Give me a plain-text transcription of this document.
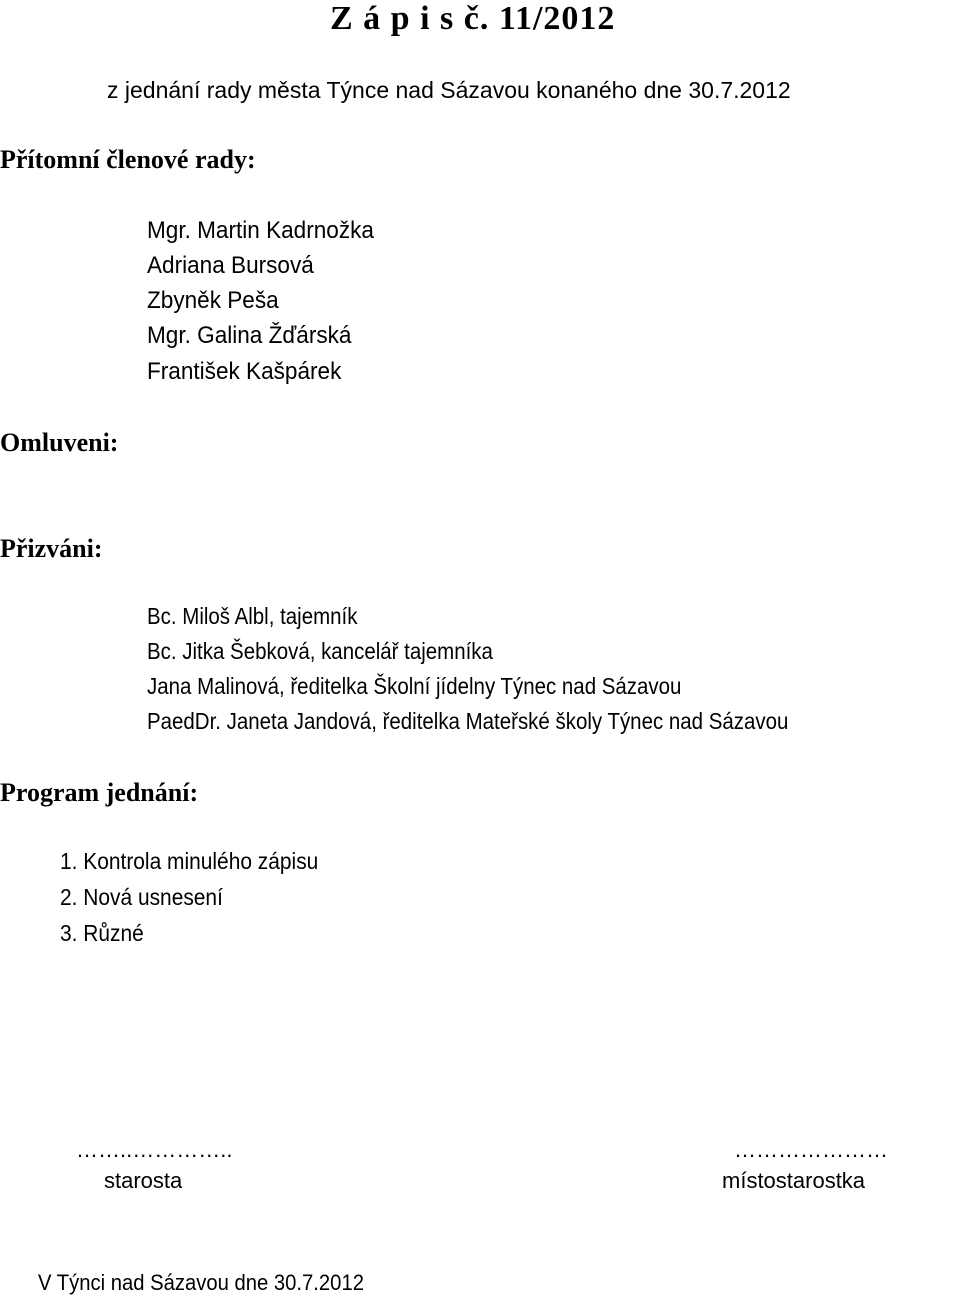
Z á p i s č. 11/2012
z jednání rady města Týnce nad Sázavou konaného dne 30.7.2012
Přítomní členové rady:
Mgr. Martin Kadrnožka
Adriana Bursová
Zbyněk Peša
Mgr. Galina Žďárská
František Kašpárek
Omluveni:
Přizváni:
Bc. Miloš Albl, tajemník
Bc. Jitka Šebková, kancelář tajemníka
Jana Malinová, ředitelka Školní jídelny Týnec nad Sázavou
PaedDr. Janeta Jandová, ředitelka Mateřské školy Týnec nad Sázavou
Program jednání:
1. Kontrola minulého zápisu
2. Nová usnesení
3. Různé
……..…………..
starosta
…………………
místostarostka
V Týnci nad Sázavou dne 30.7.2012
